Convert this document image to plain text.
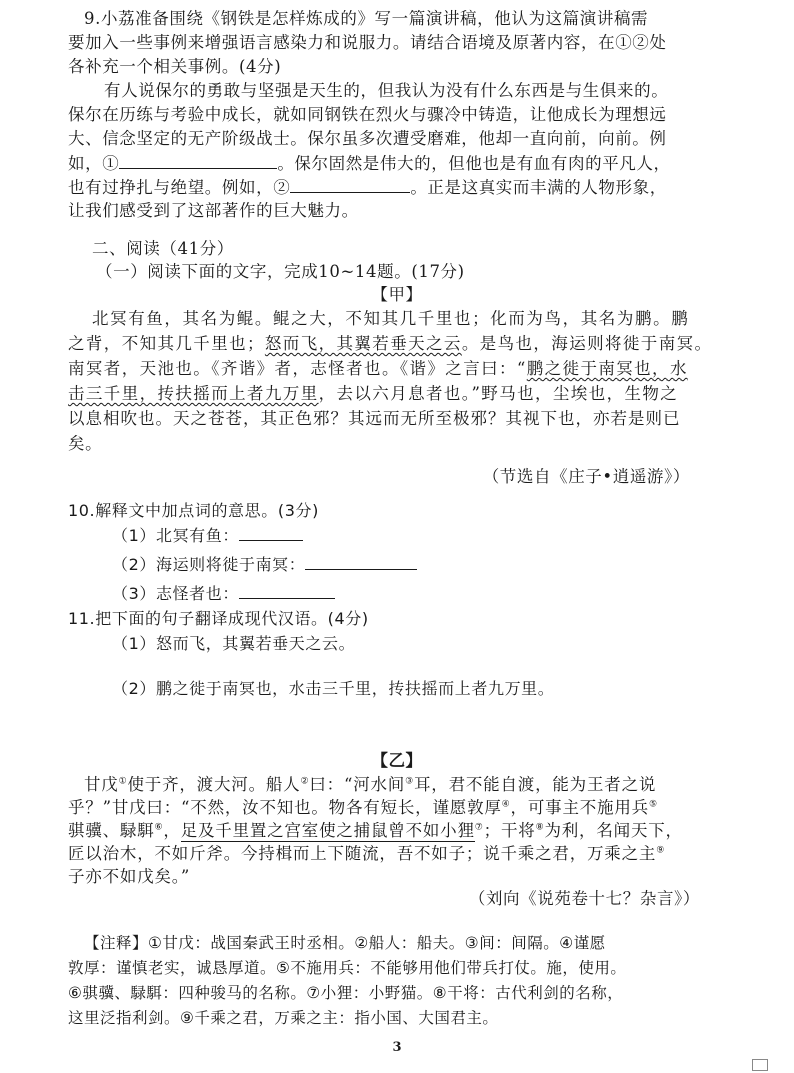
9.小荔准备围绕《钢铁是怎样炼成的》写一篇演讲稿，他认为这篇演讲稿需
要加入一些事例来增强语言感染力和说服力。请结合语境及原著内容，在①②处
各补充一个相关事例。(4分)
有人说保尔的勇敢与坚强是天生的，但我认为没有什么东西是与生俱来的。
保尔在历练与考验中成长，就如同钢铁在烈火与骤冷中铸造，让他成长为理想远
大、信念坚定的无产阶级战士。保尔虽多次遭受磨难，他却一直向前，向前。例
如，①	。保尔固然是伟大的，但他也是有血有肉的平凡人，
也有过挣扎与绝望。例如，②	。正是这真实而丰满的人物形象，
让我们感受到了这部著作的巨大魅力。
二、阅读（41分）
（一）阅读下面的文字，完成10~14题。(17分)
【甲】
北冥有鱼，其名为鲲。鲲之大，不知其几千里也；化而为鸟，其名为鹏。鹏
之背，不知其几千里也；怒而飞，其翼若垂天之云。是鸟也，海运则将徙于南冥。
南冥者，天池也。《齐谐》者，志怪者也。《谐》之言曰：“鹏之徙于南冥也，水
击三千里，抟扶摇而上者九万里，去以六月息者也。”野马也，尘埃也，生物之
以息相吹也。天之苍苍，其正色邪？其远而无所至极邪？其视下也，亦若是则已
矣。
（节选自《庄子•逍遥游》）
10.解释文中加点词的意思。(3分)
（1）北冥有鱼：
（2）海运则将徙于南冥：
（3）志怪者也：
11.把下面的句子翻译成现代汉语。(4分)
（1）怒而飞，其翼若垂天之云。
（2）鹏之徙于南冥也，水击三千里，抟扶摇而上者九万里。
【乙】
甘戊①使于齐，渡大河。船人②曰：“河水间③耳，君不能自渡，能为王者之说
乎？”甘戊曰：“不然，汝不知也。物各有短长，谨愿敦厚④，可事主不施用兵⑤
骐骥、騄駬⑥，足及千里置之宫室使之捕鼠曾不如小狸⑦；干将⑧为利，名闻天下，
匠以治木，不如斤斧。今持楫而上下随流，吾不如子；说千乘之君，万乘之主⑨
子亦不如戊矣。”
（刘向《说苑卷十七？杂言》）
【注释】①甘戊：战国秦武王时丞相。②船人：船夫。③间：间隔。④谨愿
敦厚：谨慎老实，诚恳厚道。⑤不施用兵：不能够用他们带兵打仗。施，使用。
⑥骐骥、騄駬：四种骏马的名称。⑦小狸：小野猫。⑧干将：古代利剑的名称，
这里泛指利剑。⑨千乘之君，万乘之主：指小国、大国君主。
3
